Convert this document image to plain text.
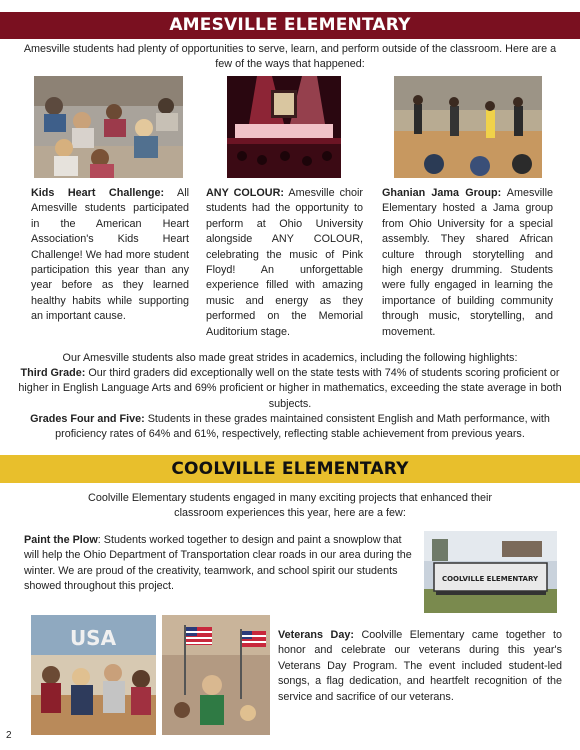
AMESVILLE ELEMENTARY

Amesville students had plenty of opportunities to serve, learn, and perform outside of the classroom. Here are a few of the ways that happened:

Kids Heart Challenge: All Amesville students participated in the American Heart Association's Kids Heart Challenge! We had more student participation this year than any year before as they learned healthy habits while supporting an important cause.

ANY COLOUR: Amesville choir students had the opportunity to perform at Ohio University alongside ANY COLOUR, celebrating the music of Pink Floyd! An unforgettable experience filled with amazing music and energy as they performed on the Memorial Auditorium stage.

Ghanian Jama Group: Amesville Elementary hosted a Jama group from Ohio University for a special assembly. They shared African culture through storytelling and high energy drumming. Students were fully engaged in learning the importance of building community through music, storytelling, and movement.

Our Amesville students also made great strides in academics, including the following highlights:

Third Grade: Our third graders did exceptionally well on the state tests with 74% of students scoring proficient or higher in English Language Arts and 69% proficient or higher in mathematics, exceeding the state average in both subjects.

Grades Four and Five: Students in these grades maintained consistent English and Math performance, with proficiency rates of 64% and 61%, respectively, reflecting stable achievement from previous years.

COOLVILLE ELEMENTARY

Coolville Elementary students engaged in many exciting projects that enhanced their classroom experiences this year, here are a few:

Paint the Plow: Students worked together to design and paint a snowplow that will help the Ohio Department of Transportation clear roads in our area during the winter. We are proud of the creativity, teamwork, and school spirit our students showed throughout this project.

COOLVILLE ELEMENTARY
USA	Veterans Day: Coolville Elementary came together to honor and celebrate our veterans during this year's Veterans Day Program. The event included student-led songs, a flag dedication, and heartfelt recognition of the service and sacrifice of our veterans.

2
